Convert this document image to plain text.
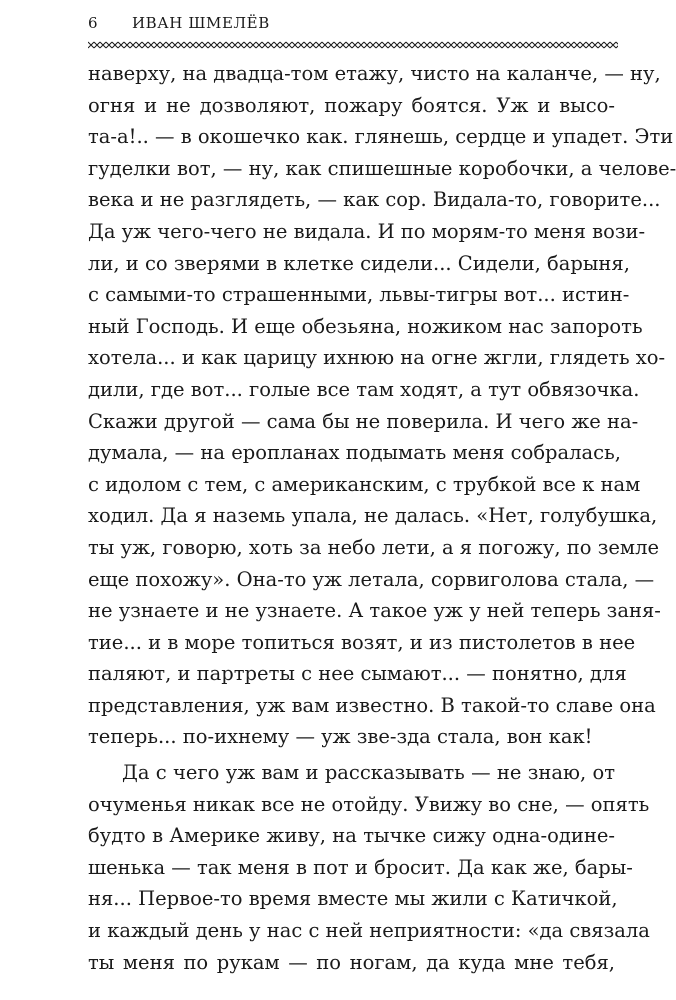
6 ИВАН ШМЕЛЁВ
наверху, на двадца-том етажу, чисто на каланче, — ну,
огня и не дозволяют, пожару боятся. Уж и высо-
та-а!.. — в окошечко как. глянешь, сердце и упадет. Эти
гуделки вот, — ну, как спишешные коробочки, а челове-
века и не разглядеть, — как сор. Видала-то, говорите...
Да уж чего-чего не видала. И по морям-то меня вози-
ли, и со зверями в клетке сидели... Сидели, барыня,
с самыми-то страшенными, львы-тигры вот... истин-
ный Господь. И еще обезьяна, ножиком нас запороть
хотела... и как царицу ихнюю на огне жгли, глядеть хо-
дили, где вот... голые все там ходят, а тут обвязочка.
Скажи другой — сама бы не поверила. И чего же на-
думала, — на еропланах подымать меня собралась,
с идолом с тем, с американским, с трубкой все к нам
ходил. Да я наземь упала, не далась. «Нет, голубушка,
ты уж, говорю, хоть за небо лети, а я погожу, по земле
еще похожу». Она-то уж летала, сорвиголова стала, —
не узнаете и не узнаете. А такое уж у ней теперь заня-
тие... и в море топиться возят, и из пистолетов в нее
паляют, и партреты с нее сымают... — понятно, для
представления, уж вам известно. В такой-то славе она
теперь... по-ихнему — уж зве-зда стала, вон как!
Да с чего уж вам и рассказывать — не знаю, от
очуменья никак все не отойду. Увижу во сне, — опять
будто в Америке живу, на тычке сижу одна-одине-
шенька — так меня в пот и бросит. Да как же, бары-
ня... Первое-то время вместе мы жили с Катичкой,
и каждый день у нас с ней неприятности: «да связала
ты меня по рукам — по ногам, да куда мне тебя,
